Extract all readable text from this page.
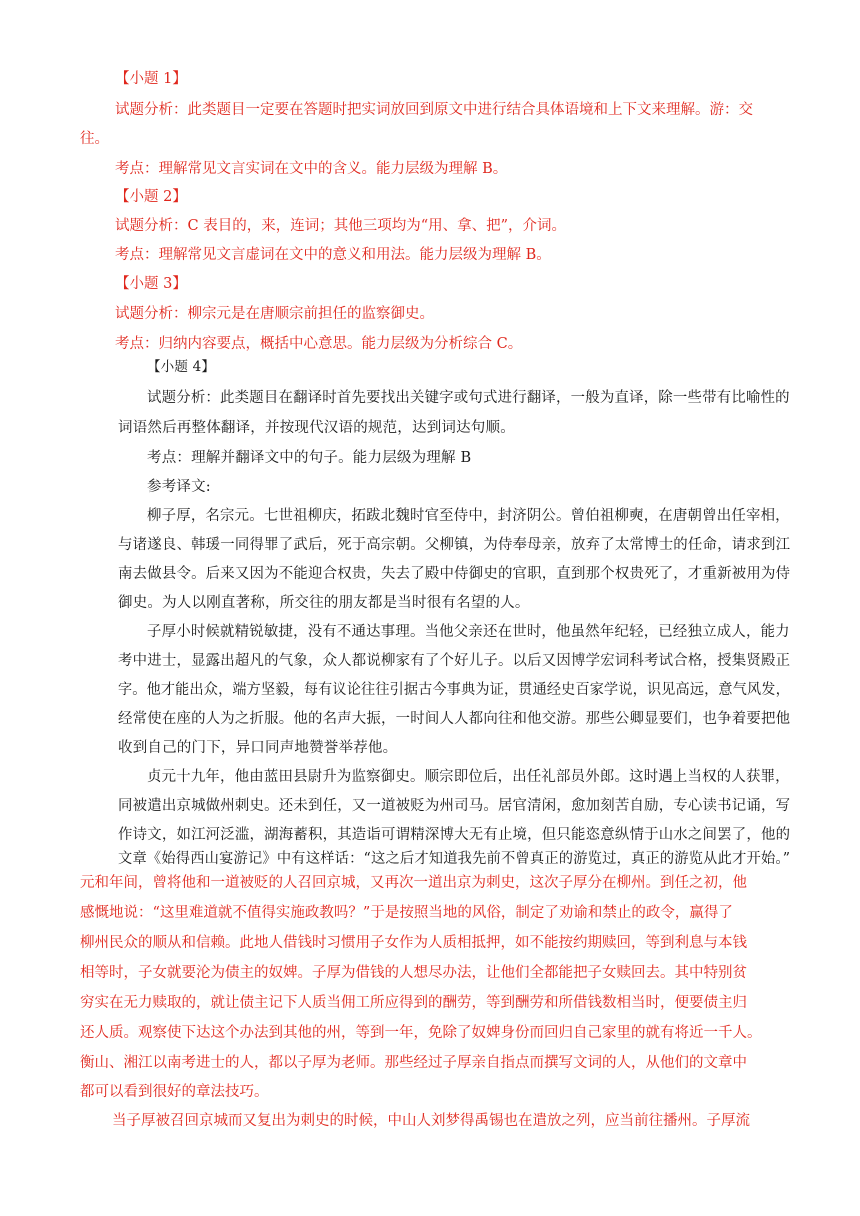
【小题 1】
试题分析：此类题目一定要在答题时把实词放回到原文中进行结合具体语境和上下文来理解。游：交
往。
考点：理解常见文言实词在文中的含义。能力层级为理解 B。
【小题 2】
试题分析：C 表目的，来，连词；其他三项均为“用、拿、把”，介词。
考点：理解常见文言虚词在文中的意义和用法。能力层级为理解 B。
【小题 3】
试题分析：柳宗元是在唐顺宗前担任的监察御史。
考点：归纳内容要点，概括中心意思。能力层级为分析综合 C。
【小题 4】
试题分析：此类题目在翻译时首先要找出关键字或句式进行翻译，一般为直译，除一些带有比喻性的
词语然后再整体翻译，并按现代汉语的规范，达到词达句顺。
考点：理解并翻译文中的句子。能力层级为理解 B
参考译文:
柳子厚，名宗元。七世祖柳庆，拓跋北魏时官至侍中，封济阴公。曾伯祖柳奭，在唐朝曾出任宰相，
与诸遂良、韩瑗一同得罪了武后，死于高宗朝。父柳镇，为侍奉母亲，放弃了太常博士的任命，请求到江
南去做县令。后来又因为不能迎合权贵，失去了殿中侍御史的官职，直到那个权贵死了，才重新被用为侍
御史。为人以刚直著称，所交往的朋友都是当时很有名望的人。
子厚小时候就精锐敏捷，没有不通达事理。当他父亲还在世时，他虽然年纪轻，已经独立成人，能力
考中进士，显露出超凡的气象，众人都说柳家有了个好儿子。以后又因博学宏词科考试合格，授集贤殿正
字。他才能出众，端方坚毅，每有议论往往引据古今事典为证，贯通经史百家学说，识见高远，意气风发，
经常使在座的人为之折服。他的名声大振，一时间人人都向往和他交游。那些公卿显要们，也争着要把他
收到自己的门下，异口同声地赞誉举荐他。
贞元十九年，他由蓝田县尉升为监察御史。顺宗即位后，出任礼部员外郎。这时遇上当权的人获罪，
同被遣出京城做州刺史。还未到任，又一道被贬为州司马。居官清闲，愈加刻苦自励，专心读书记诵，写
作诗文，如江河泛滥，湖海蓄积，其造诣可谓精深博大无有止境，但只能恣意纵情于山水之间罢了，他的
文章《始得西山宴游记》中有这样话：“这之后才知道我先前不曾真正的游览过，真正的游览从此才开始。”
元和年间，曾将他和一道被贬的人召回京城，又再次一道出京为刺史，这次子厚分在柳州。到任之初，他
感慨地说：“这里难道就不值得实施政教吗？”于是按照当地的风俗，制定了劝谕和禁止的政令，赢得了
柳州民众的顺从和信赖。此地人借钱时习惯用子女作为人质相抵押，如不能按约期赎回，等到利息与本钱
相等时，子女就要沦为债主的奴婢。子厚为借钱的人想尽办法，让他们全都能把子女赎回去。其中特别贫
穷实在无力赎取的，就让债主记下人质当佣工所应得到的酬劳，等到酬劳和所借钱数相当时，便要债主归
还人质。观察使下达这个办法到其他的州，等到一年，免除了奴婢身份而回归自己家里的就有将近一千人。
衡山、湘江以南考进士的人，都以子厚为老师。那些经过子厚亲自指点而撰写文词的人，从他们的文章中
都可以看到很好的章法技巧。
当子厚被召回京城而又复出为刺史的时候，中山人刘梦得禹锡也在遣放之列，应当前往播州。子厚流
